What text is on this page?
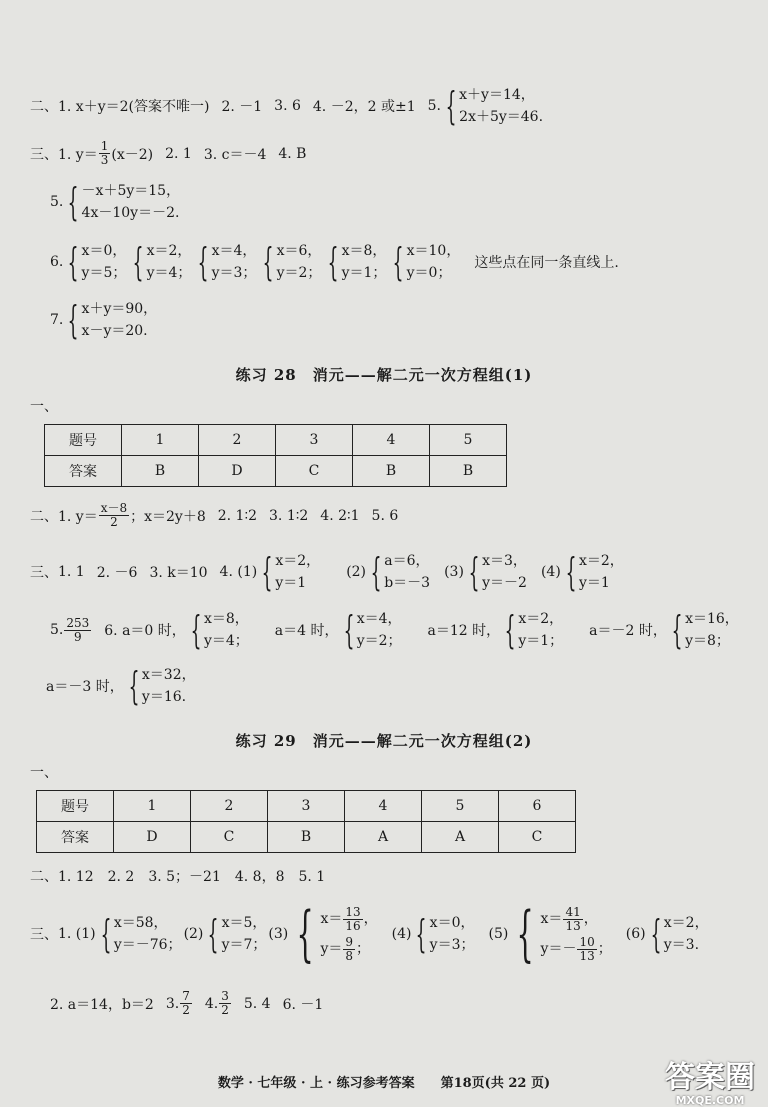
二、 1. x＋y＝2(答案不唯一) 2. －1 3. 6 4. －2，2 或±1 5. { x＋y＝14，
2x＋5y＝46.
三、 1. $y= \frac{1}{3} (x-2)$ 2. 1 3. c＝－4 4. B
5. { －x＋5y＝15，
4x－10y＝－2.
6. { x＝0，
y＝5； { x＝2，
y＝4； { x＝4，
y＝3； { x＝6，
y＝2； { x＝8，
y＝1； { x＝10，
y＝0；
这些点在同一条直线上.
7. { x＋y＝90，
x－y＝20.
练习 28　消元——解二元一次方程组(1)
一、
题号	1	2	3	4	5
答案	B	D	C	B	B
二、 1. $y= \frac{x-8}{2}$ ；x＝2y＋8 2. 1∶2 3. 1∶2 4. 2∶1 5. 6
三、 1. 1 2. －6 3. k＝10 4. (1) { x＝2，
y＝1
(2) { a＝6，
b＝－3
(3) { x＝3，
y＝－2
(4) { x＝2，
y＝1
5. $\frac{253}{9} 6$. a＝0 时， { x＝8，
y＝4；
a＝4 时， { x＝4，
y＝2；
a＝12 时， { x＝2，
y＝1；
a＝－2 时， { x＝16，
y＝8；
a＝－3 时， { x＝32，
y＝16.
练习 29　消元——解二元一次方程组(2)
一、
题号	1	2	3	4	5	6
答案	D	C	B	A	A	C
二、1. 12　2. 2　3. 5；－21　4. 8，8　5. 1
三、 1. (1) { x＝58，
y＝－76；
(2) { x＝5，
y＝7；
(3) { $x= \frac{13}{16}$ ，
$y= \frac{9}{8}$ ；
(4) { x＝0，
y＝3；
(5) { $x= \frac{41}{13}$ ，
$y=- \frac{10}{13}$ ；
(6) { x＝2，
y＝3.
2. a＝14，b＝2 3. $\frac{7}{2} 4$. $\frac{3}{2} 5$. 4 6. －1
数学 · 七年级 · 上 · 练习参考答案　　第18页(共 22 页)	答案圈
MXQE.COM
